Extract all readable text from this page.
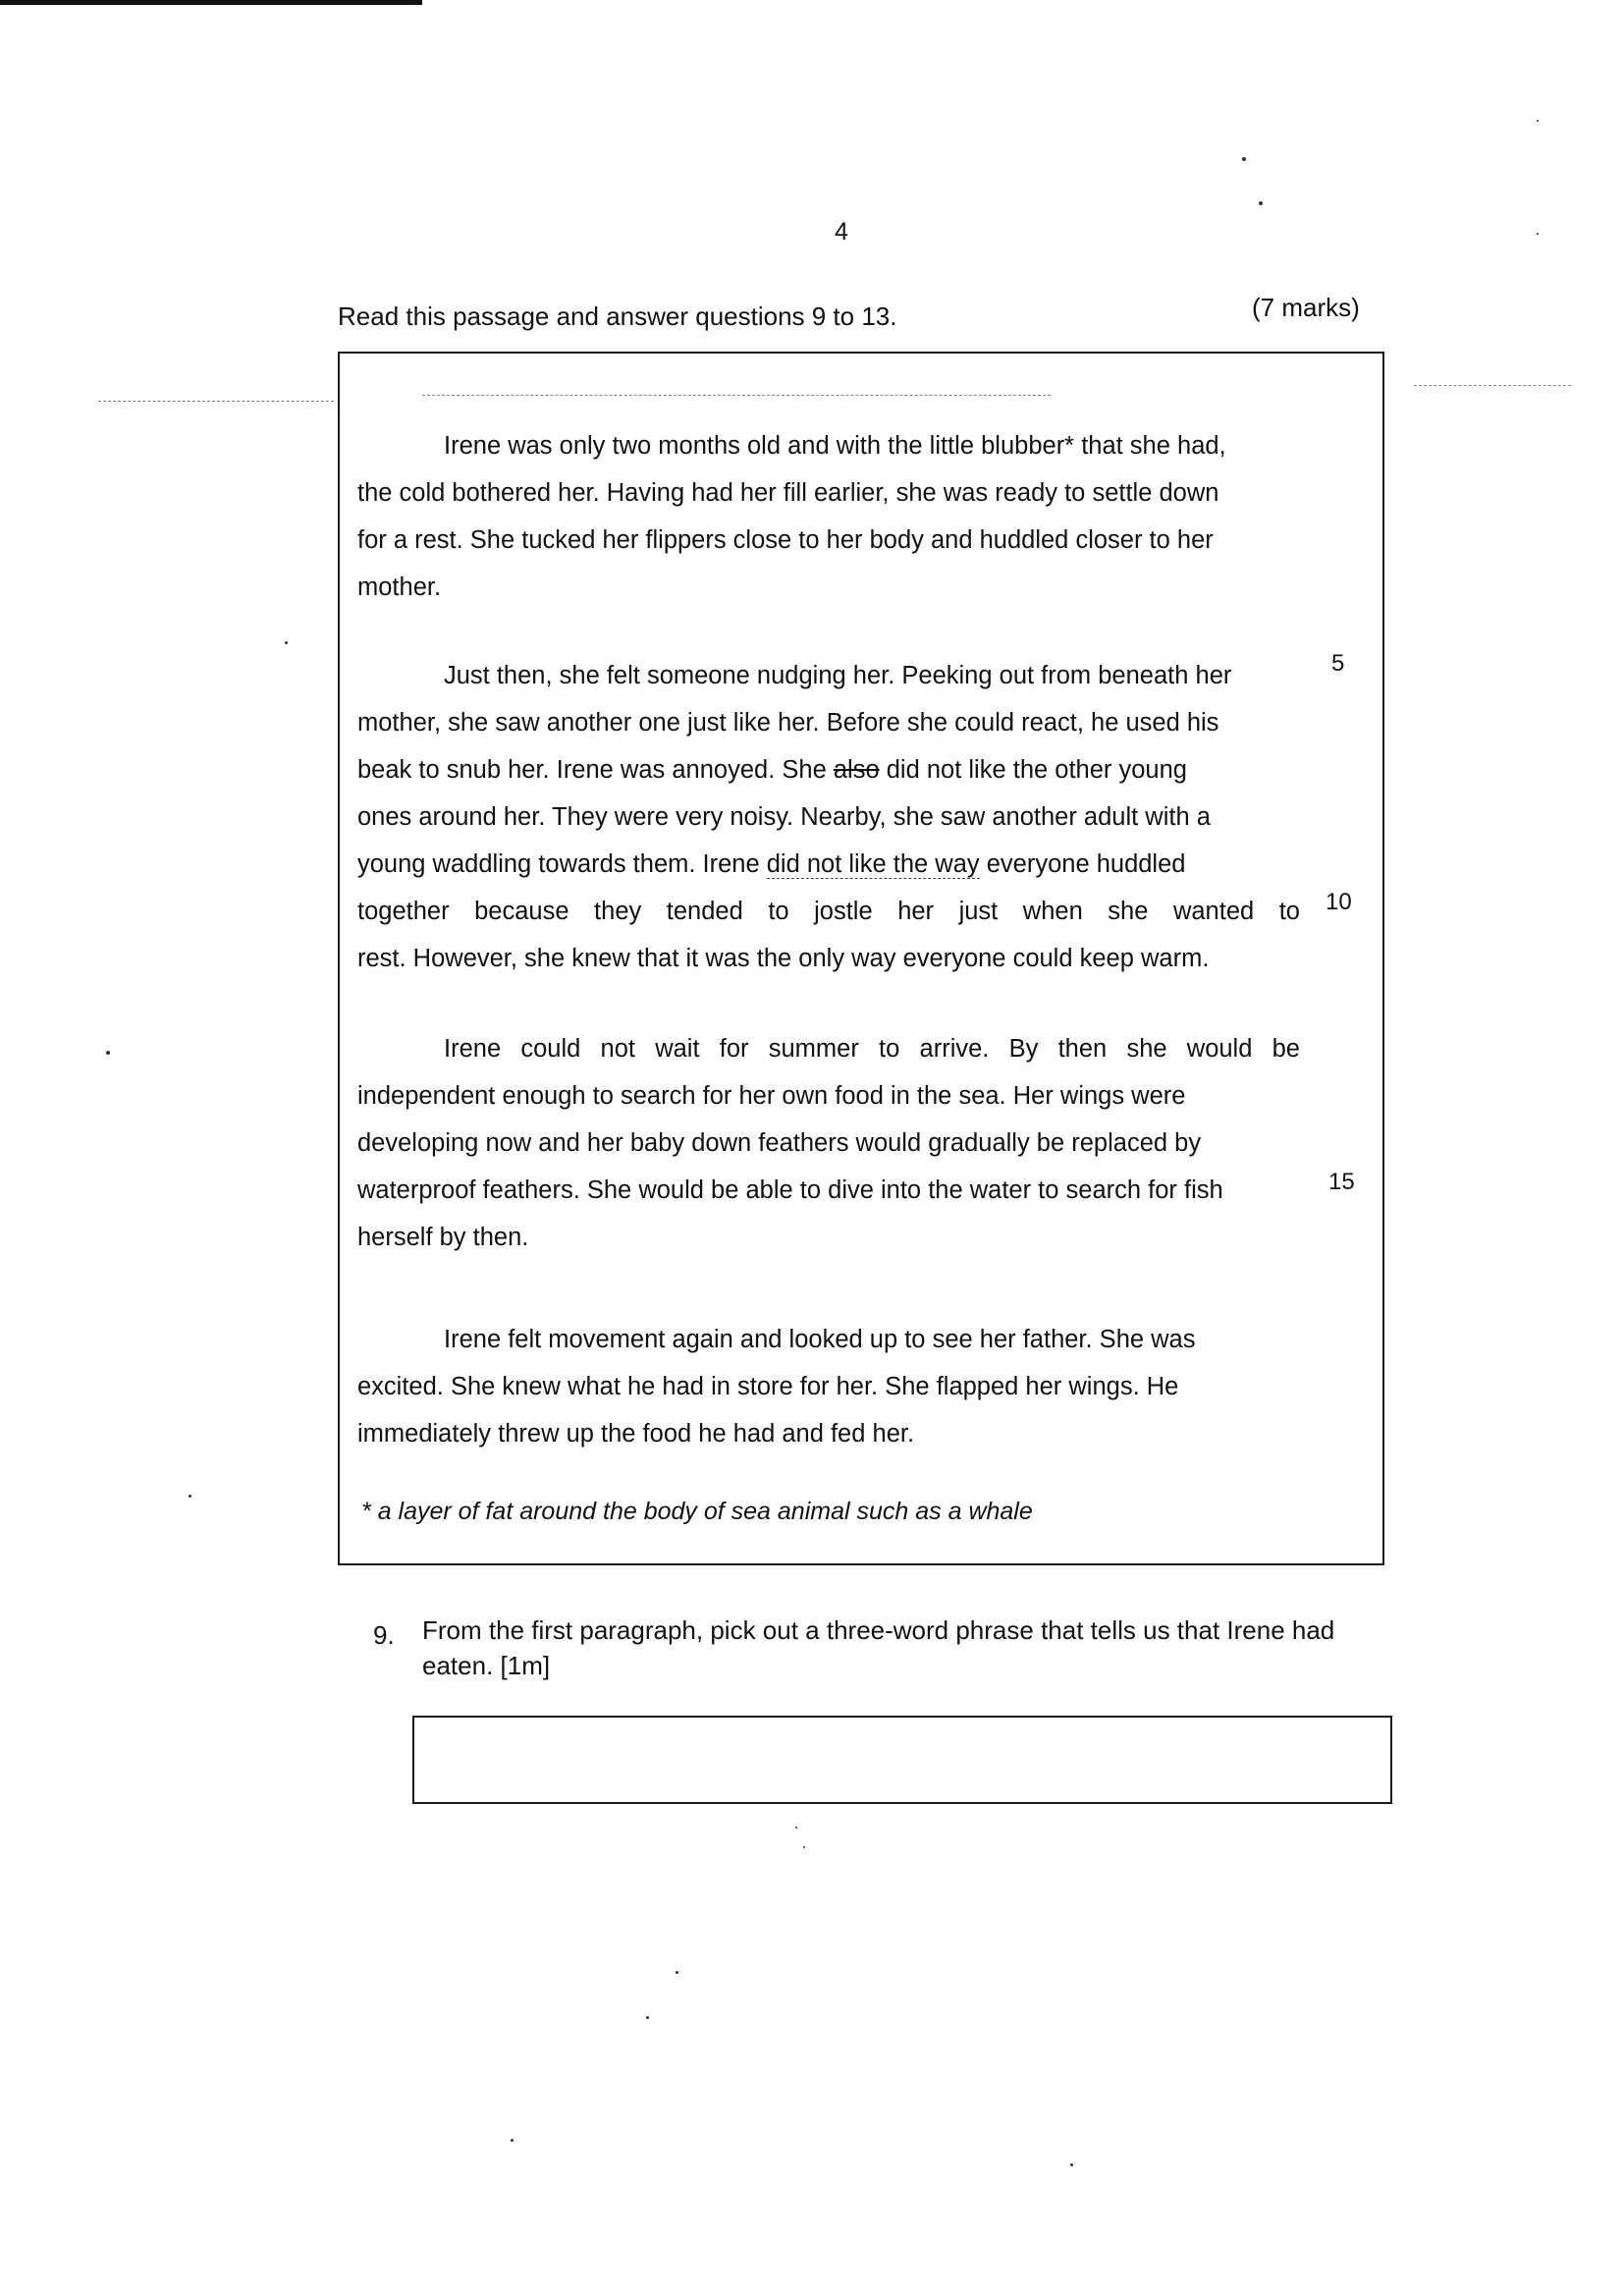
4
Read this passage and answer questions 9 to 13.	(7 marks)

Irene was only two months old and with the little blubber* that she had,
the cold bothered her. Having had her fill earlier, she was ready to settle down
for a rest. She tucked her flippers close to her body and huddled closer to her
mother.

Just then, she felt someone nudging her. Peeking out from beneath her
mother, she saw another one just like her. Before she could react, he used his
beak to snub her. Irene was annoyed. She also did not like the other young
ones around her. They were very noisy. Nearby, she saw another adult with a
young waddling towards them. Irene did not like the way everyone huddled
together because they tended to jostle her just when she wanted to
rest. However, she knew that it was the only way everyone could keep warm.

Irene could not wait for summer to arrive. By then she would be
independent enough to search for her own food in the sea. Her wings were
developing now and her baby down feathers would gradually be replaced by
waterproof feathers. She would be able to dive into the water to search for fish
herself by then.

Irene felt movement again and looked up to see her father. She was
excited. She knew what he had in store for her. She flapped her wings. He
immediately threw up the food he had and fed her.

* a layer of fat around the body of sea animal such as a whale
5
10
15
9. From the first paragraph, pick out a three-word phrase that tells us that Irene had eaten. [1m]
